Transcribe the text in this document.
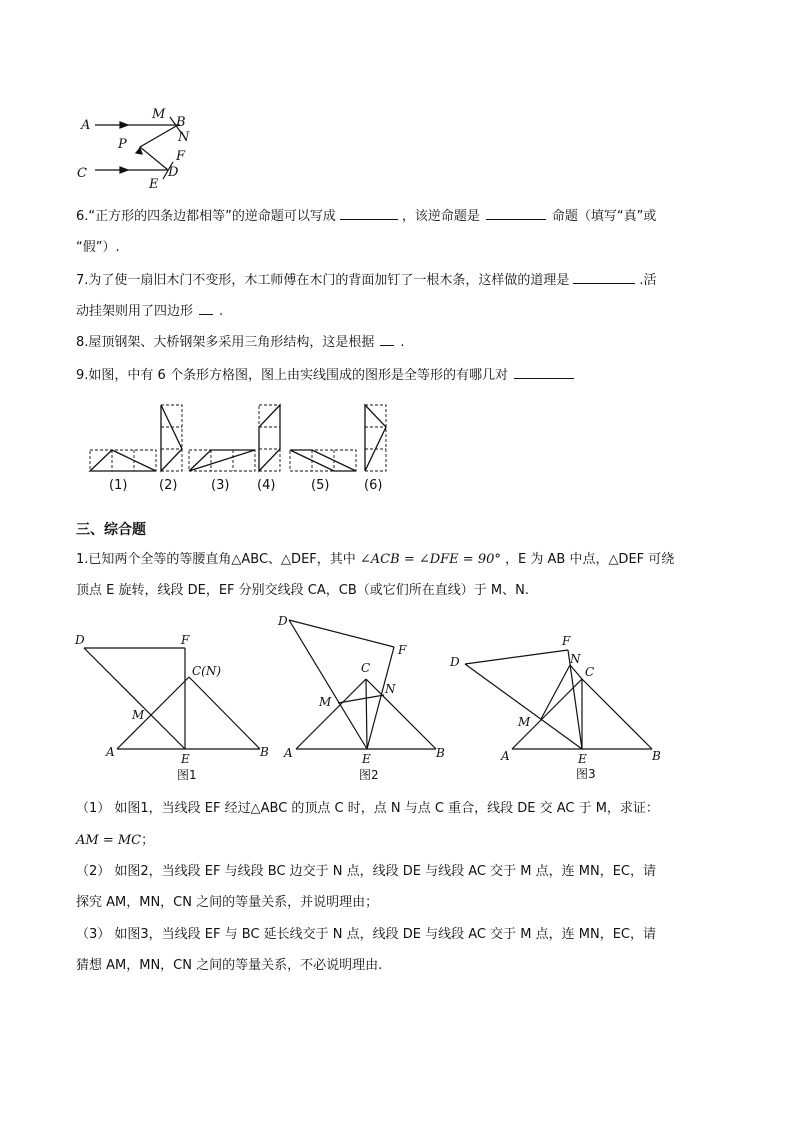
A
M
B
N
P
F
C	D
E
6.“正方形的四条边都相等”的逆命题可以写成	，该逆命题是	命题（填写“真”或
“假”）.
7.为了使一扇旧木门不变形，木工师傅在木门的背面加钉了一根木条，这样做的道理是	.活
动挂架则用了四边形 .
8.屋顶钢架、大桥钢架多采用三角形结构，这是根据 .
9.如图，中有 6 个条形方格图，图上由实线围成的图形是全等形的有哪几对
(1) (2)	(3) (4)	(5)	(6)
三、综合题
1.已知两个全等的等腰直角△ABC、△DEF，其中 ∠ACB = ∠DFE = 90° ，E 为 AB 中点，△DEF 可绕
顶点 E 旋转，线段 DE，EF 分别交线段 CA，CB（或它们所在直线）于 M、N.
D	F
C(N)
M
A	E	B
图1
D
F
C
N
M
A	E	B
图2
D
F
N
C
M
A	E	B
图3
（1） 如图1，当线段 EF 经过△ABC 的顶点 C 时，点 N 与点 C 重合，线段 DE 交 AC 于 M，求证：
AM = MC；
（2） 如图2，当线段 EF 与线段 BC 边交于 N 点，线段 DE 与线段 AC 交于 M 点，连 MN，EC，请
探究 AM，MN，CN 之间的等量关系，并说明理由；
（3） 如图3，当线段 EF 与 BC 延长线交于 N 点，线段 DE 与线段 AC 交于 M 点，连 MN，EC，请
猜想 AM，MN，CN 之间的等量关系，不必说明理由.
